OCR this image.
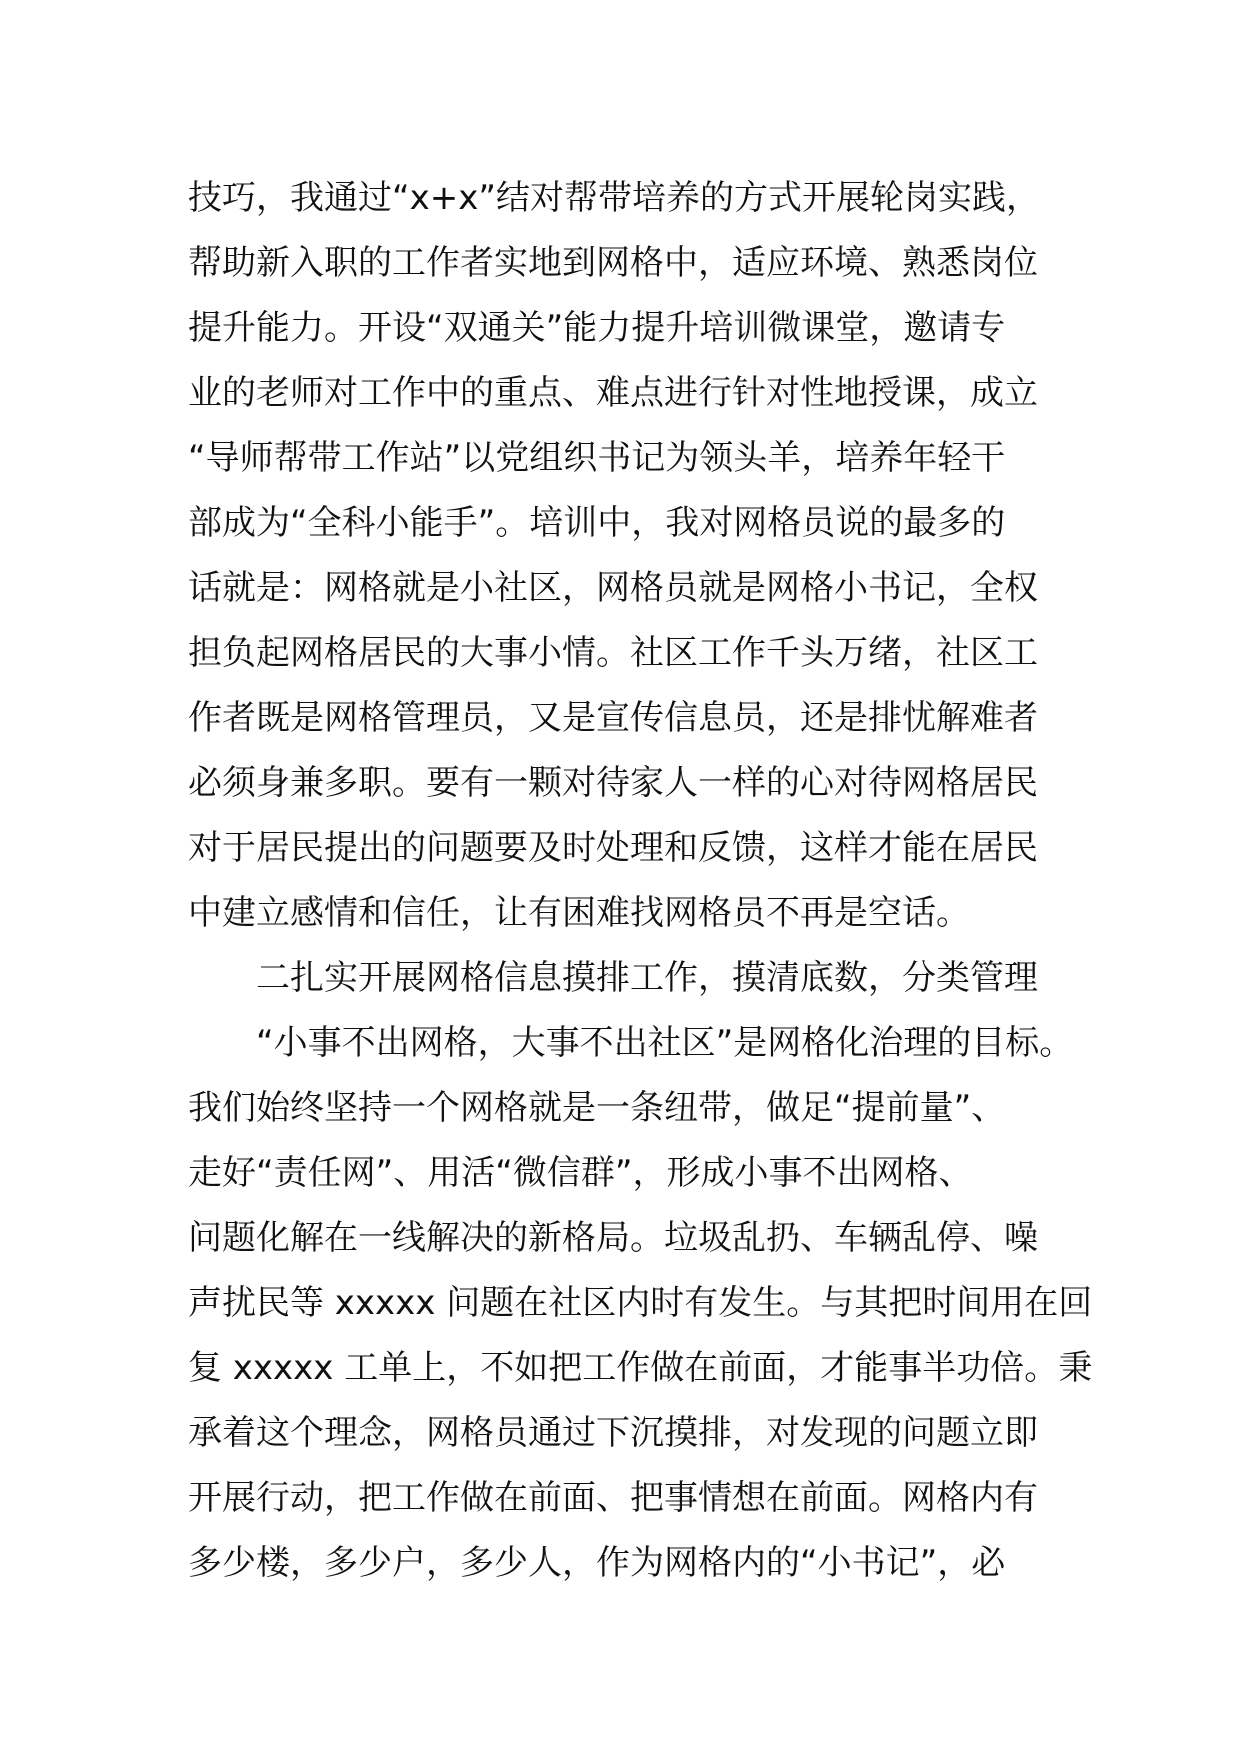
技巧，我通过“x+x”结对帮带培养的方式开展轮岗实践，
帮助新入职的工作者实地到网格中，适应环境、熟悉岗位
提升能力。开设“双通关”能力提升培训微课堂，邀请专
业的老师对工作中的重点、难点进行针对性地授课，成立
“导师帮带工作站”以党组织书记为领头羊，培养年轻干
部成为“全科小能手”。培训中，我对网格员说的最多的
话就是：网格就是小社区，网格员就是网格小书记，全权
担负起网格居民的大事小情。社区工作千头万绪，社区工
作者既是网格管理员，又是宣传信息员，还是排忧解难者
必须身兼多职。要有一颗对待家人一样的心对待网格居民
对于居民提出的问题要及时处理和反馈，这样才能在居民
中建立感情和信任，让有困难找网格员不再是空话。
二扎实开展网格信息摸排工作，摸清底数，分类管理
“小事不出网格，大事不出社区”是网格化治理的目标。
我们始终坚持一个网格就是一条纽带，做足“提前量”、
走好“责任网”、用活“微信群”，形成小事不出网格、
问题化解在一线解决的新格局。垃圾乱扔、车辆乱停、噪
声扰民等 xxxxx 问题在社区内时有发生。与其把时间用在回
复 xxxxx 工单上，不如把工作做在前面，才能事半功倍。秉
承着这个理念，网格员通过下沉摸排，对发现的问题立即
开展行动，把工作做在前面、把事情想在前面。网格内有
多少楼，多少户，多少人，作为网格内的“小书记”，必
